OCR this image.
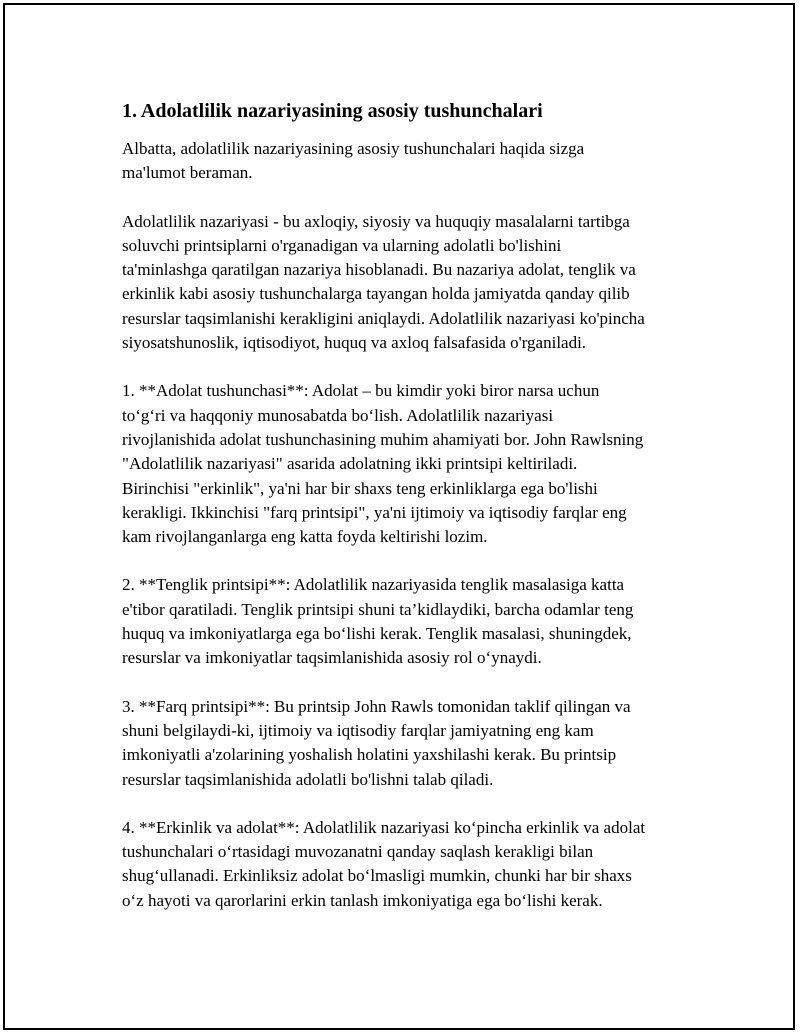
1. Adolatlilik nazariyasining asosiy tushunchalari

Albatta, adolatlilik nazariyasining asosiy tushunchalari haqida sizga
ma'lumot beraman.

Adolatlilik nazariyasi - bu axloqiy, siyosiy va huquqiy masalalarni tartibga
soluvchi printsiplarni o'rganadigan va ularning adolatli bo'lishini
ta'minlashga qaratilgan nazariya hisoblanadi. Bu nazariya adolat, tenglik va
erkinlik kabi asosiy tushunchalarga tayangan holda jamiyatda qanday qilib
resurslar taqsimlanishi kerakligini aniqlaydi. Adolatlilik nazariyasi ko'pincha
siyosatshunoslik, iqtisodiyot, huquq va axloq falsafasida o'rganiladi.

1. **Adolat tushunchasi**: Adolat – bu kimdir yoki biror narsa uchun
to‘g‘ri va haqqoniy munosabatda bo‘lish. Adolatlilik nazariyasi
rivojlanishida adolat tushunchasining muhim ahamiyati bor. John Rawlsning
"Adolatlilik nazariyasi" asarida adolatning ikki printsipi keltiriladi.
Birinchisi "erkinlik", ya'ni har bir shaxs teng erkinliklarga ega bo'lishi
kerakligi. Ikkinchisi "farq printsipi", ya'ni ijtimoiy va iqtisodiy farqlar eng
kam rivojlanganlarga eng katta foyda keltirishi lozim.

2. **Tenglik printsipi**: Adolatlilik nazariyasida tenglik masalasiga katta
e'tibor qaratiladi. Tenglik printsipi shuni ta’kidlaydiki, barcha odamlar teng
huquq va imkoniyatlarga ega bo‘lishi kerak. Tenglik masalasi, shuningdek,
resurslar va imkoniyatlar taqsimlanishida asosiy rol o‘ynaydi.

3. **Farq printsipi**: Bu printsip John Rawls tomonidan taklif qilingan va
shuni belgilaydi-ki, ijtimoiy va iqtisodiy farqlar jamiyatning eng kam
imkoniyatli a'zolarining yoshalish holatini yaxshilashi kerak. Bu printsip
resurslar taqsimlanishida adolatli bo'lishni talab qiladi.

4. **Erkinlik va adolat**: Adolatlilik nazariyasi ko‘pincha erkinlik va adolat
tushunchalari o‘rtasidagi muvozanatni qanday saqlash kerakligi bilan
shug‘ullanadi. Erkinliksiz adolat bo‘lmasligi mumkin, chunki har bir shaxs
o‘z hayoti va qarorlarini erkin tanlash imkoniyatiga ega bo‘lishi kerak.
